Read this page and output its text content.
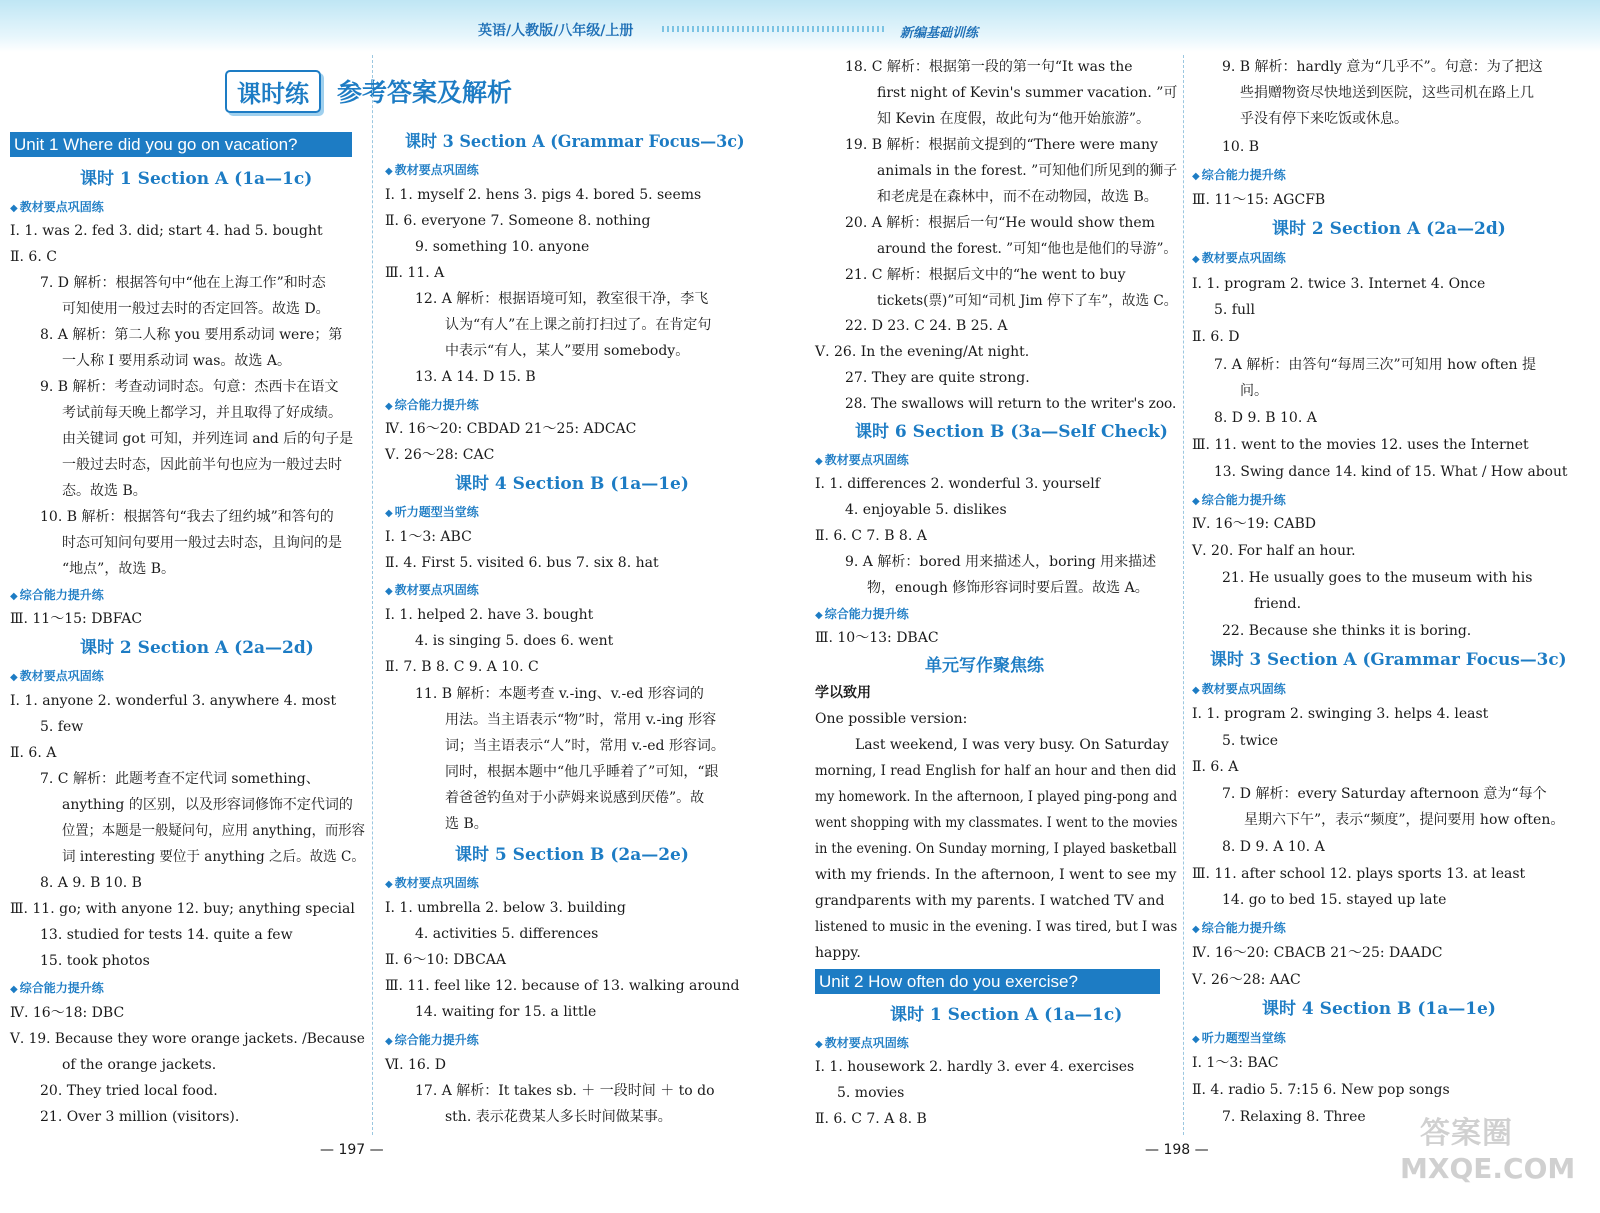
英语/人教版/八年级/上册	新编基础训练
课时练	参考答案及解析
Unit 1 Where did you go on vacation?
课时 1 Section A (1a—1c)
◆ 教材要点巩固练
Ⅰ. 1. was 2. fed 3. did; start 4. had 5. bought
Ⅱ. 6. C
7. D 解析：根据答句中“他在上海工作”和时态
可知使用一般过去时的否定回答。故选 D。
8. A 解析：第二人称 you 要用系动词 were；第
一人称 I 要用系动词 was。故选 A。
9. B 解析：考查动词时态。句意：杰西卡在语文
考试前每天晚上都学习，并且取得了好成绩。
由关键词 got 可知，并列连词 and 后的句子是
一般过去时态，因此前半句也应为一般过去时
态。故选 B。
10. B 解析：根据答句“我去了纽约城”和答句的
时态可知问句要用一般过去时态，且询问的是
“地点”，故选 B。
◆ 综合能力提升练
Ⅲ. 11～15: DBFAC
课时 2 Section A (2a—2d)
◆ 教材要点巩固练
Ⅰ. 1. anyone 2. wonderful 3. anywhere 4. most
5. few
Ⅱ. 6. A
7. C 解析：此题考查不定代词 something、
anything 的区别，以及形容词修饰不定代词的
位置；本题是一般疑问句，应用 anything，而形容
词 interesting 要位于 anything 之后。故选 C。
8. A 9. B 10. B
Ⅲ. 11. go; with anyone 12. buy; anything special
13. studied for tests 14. quite a few
15. took photos
◆ 综合能力提升练
Ⅳ. 16～18: DBC
Ⅴ. 19. Because they wore orange jackets. /Because
of the orange jackets.
20. They tried local food.
21. Over 3 million (visitors).
课时 3 Section A (Grammar Focus—3c)
◆ 教材要点巩固练
Ⅰ. 1. myself 2. hens 3. pigs 4. bored 5. seems
Ⅱ. 6. everyone 7. Someone 8. nothing
9. something 10. anyone
Ⅲ. 11. A
12. A 解析：根据语境可知，教室很干净，李飞
认为“有人”在上课之前打扫过了。在肯定句
中表示“有人，某人”要用 somebody。
13. A 14. D 15. B
◆ 综合能力提升练
Ⅳ. 16～20: CBDAD 21～25: ADCAC
Ⅴ. 26～28: CAC
课时 4 Section B (1a—1e)
◆ 听力题型当堂练
Ⅰ. 1～3: ABC
Ⅱ. 4. First 5. visited 6. bus 7. six 8. hat
◆ 教材要点巩固练
Ⅰ. 1. helped 2. have 3. bought
4. is singing 5. does 6. went
Ⅱ. 7. B 8. C 9. A 10. C
11. B 解析：本题考查 v.-ing、v.-ed 形容词的
用法。当主语表示“物”时，常用 v.-ing 形容
词；当主语表示“人”时，常用 v.-ed 形容词。
同时，根据本题中“他几乎睡着了”可知，“跟
着爸爸钓鱼对于小萨姆来说感到厌倦”。故
选 B。
课时 5 Section B (2a—2e)
◆ 教材要点巩固练
Ⅰ. 1. umbrella 2. below 3. building
4. activities 5. differences
Ⅱ. 6～10: DBCAA
Ⅲ. 11. feel like 12. because of 13. walking around
14. waiting for 15. a little
◆ 综合能力提升练
Ⅵ. 16. D
17. A 解析：It takes sb. ＋ 一段时间 ＋ to do
sth. 表示花费某人多长时间做某事。
18. C 解析：根据第一段的第一句“It was the
first night of Kevin's summer vacation. ”可
知 Kevin 在度假，故此句为“他开始旅游”。
19. B 解析：根据前文提到的“There were many
animals in the forest. ”可知他们所见到的狮子
和老虎是在森林中，而不在动物园，故选 B。
20. A 解析：根据后一句“He would show them
around the forest. ”可知“他也是他们的导游”。
21. C 解析：根据后文中的“he went to buy
tickets(票)”可知“司机 Jim 停下了车”，故选 C。
22. D 23. C 24. B 25. A
Ⅴ. 26. In the evening/At night.
27. They are quite strong.
28. The swallows will return to the writer's zoo.
课时 6 Section B (3a—Self Check)
◆ 教材要点巩固练
Ⅰ. 1. differences 2. wonderful 3. yourself
4. enjoyable 5. dislikes
Ⅱ. 6. C 7. B 8. A
9. A 解析：bored 用来描述人，boring 用来描述
物，enough 修饰形容词时要后置。故选 A。
◆ 综合能力提升练
Ⅲ. 10～13: DBAC
单元写作聚焦练
学以致用
One possible version:
Last weekend, I was very busy. On Saturday
morning, I read English for half an hour and then did
my homework. In the afternoon, I played ping-pong and
went shopping with my classmates. I went to the movies
in the evening. On Sunday morning, I played basketball
with my friends. In the afternoon, I went to see my
grandparents with my parents. I watched TV and
listened to music in the evening. I was tired, but I was
happy.
Unit 2 How often do you exercise?
课时 1 Section A (1a—1c)
◆ 教材要点巩固练
Ⅰ. 1. housework 2. hardly 3. ever 4. exercises
5. movies
Ⅱ. 6. C 7. A 8. B
9. B 解析：hardly 意为“几乎不”。句意：为了把这
些捐赠物资尽快地送到医院，这些司机在路上几
乎没有停下来吃饭或休息。
10. B
◆ 综合能力提升练
Ⅲ. 11～15: AGCFB
课时 2 Section A (2a—2d)
◆ 教材要点巩固练
Ⅰ. 1. program 2. twice 3. Internet 4. Once
5. full
Ⅱ. 6. D
7. A 解析：由答句“每周三次”可知用 how often 提
问。
8. D 9. B 10. A
Ⅲ. 11. went to the movies 12. uses the Internet
13. Swing dance 14. kind of 15. What / How about
◆ 综合能力提升练
Ⅳ. 16～19: CABD
Ⅴ. 20. For half an hour.
21. He usually goes to the museum with his
friend.
22. Because she thinks it is boring.
课时 3 Section A (Grammar Focus—3c)
◆ 教材要点巩固练
Ⅰ. 1. program 2. swinging 3. helps 4. least
5. twice
Ⅱ. 6. A
7. D 解析：every Saturday afternoon 意为“每个
星期六下午”，表示“频度”，提问要用 how often。
8. D 9. A 10. A
Ⅲ. 11. after school 12. plays sports 13. at least
14. go to bed 15. stayed up late
◆ 综合能力提升练
Ⅳ. 16～20: CBACB 21～25: DAADC
Ⅴ. 26～28: AAC
课时 4 Section B (1a—1e)
◆ 听力题型当堂练
Ⅰ. 1～3: BAC
Ⅱ. 4. radio 5. 7:15 6. New pop songs
7. Relaxing 8. Three
— 197 —	— 198 —	答案圈
MXQE.COM
